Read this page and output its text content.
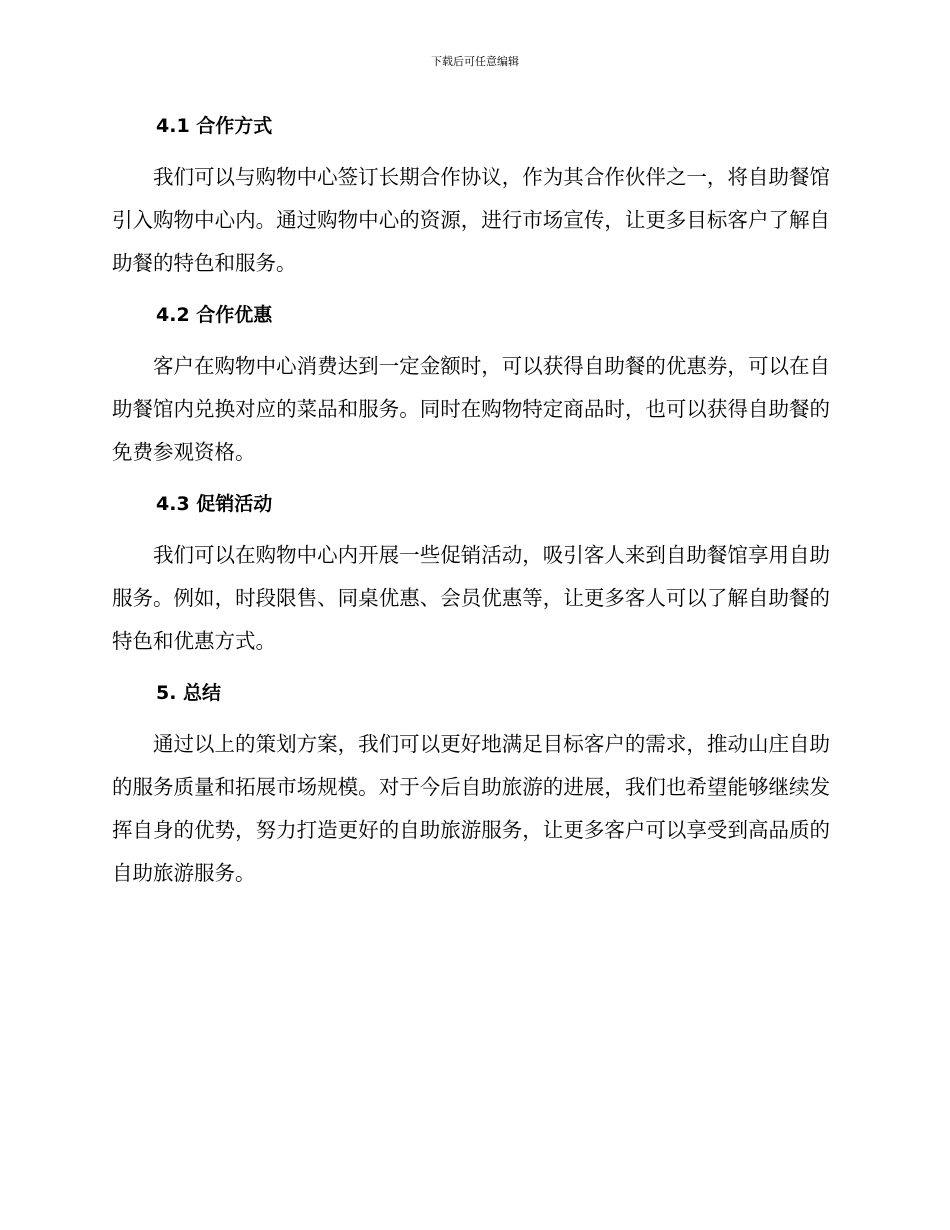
下载后可任意编辑
4.1 合作方式

我们可以与购物中心签订长期合作协议，作为其合作伙伴之一，将自助餐馆引入购物中心内。通过购物中心的资源，进行市场宣传，让更多目标客户了解自助餐的特色和服务。

4.2 合作优惠

客户在购物中心消费达到一定金额时，可以获得自助餐的优惠券，可以在自助餐馆内兑换对应的菜品和服务。同时在购物特定商品时，也可以获得自助餐的免费参观资格。

4.3 促销活动

我们可以在购物中心内开展一些促销活动，吸引客人来到自助餐馆享用自助服务。例如，时段限售、同桌优惠、会员优惠等，让更多客人可以了解自助餐的特色和优惠方式。

5. 总结

通过以上的策划方案，我们可以更好地满足目标客户的需求，推动山庄自助的服务质量和拓展市场规模。对于今后自助旅游的进展，我们也希望能够继续发挥自身的优势，努力打造更好的自助旅游服务，让更多客户可以享受到高品质的自助旅游服务。
